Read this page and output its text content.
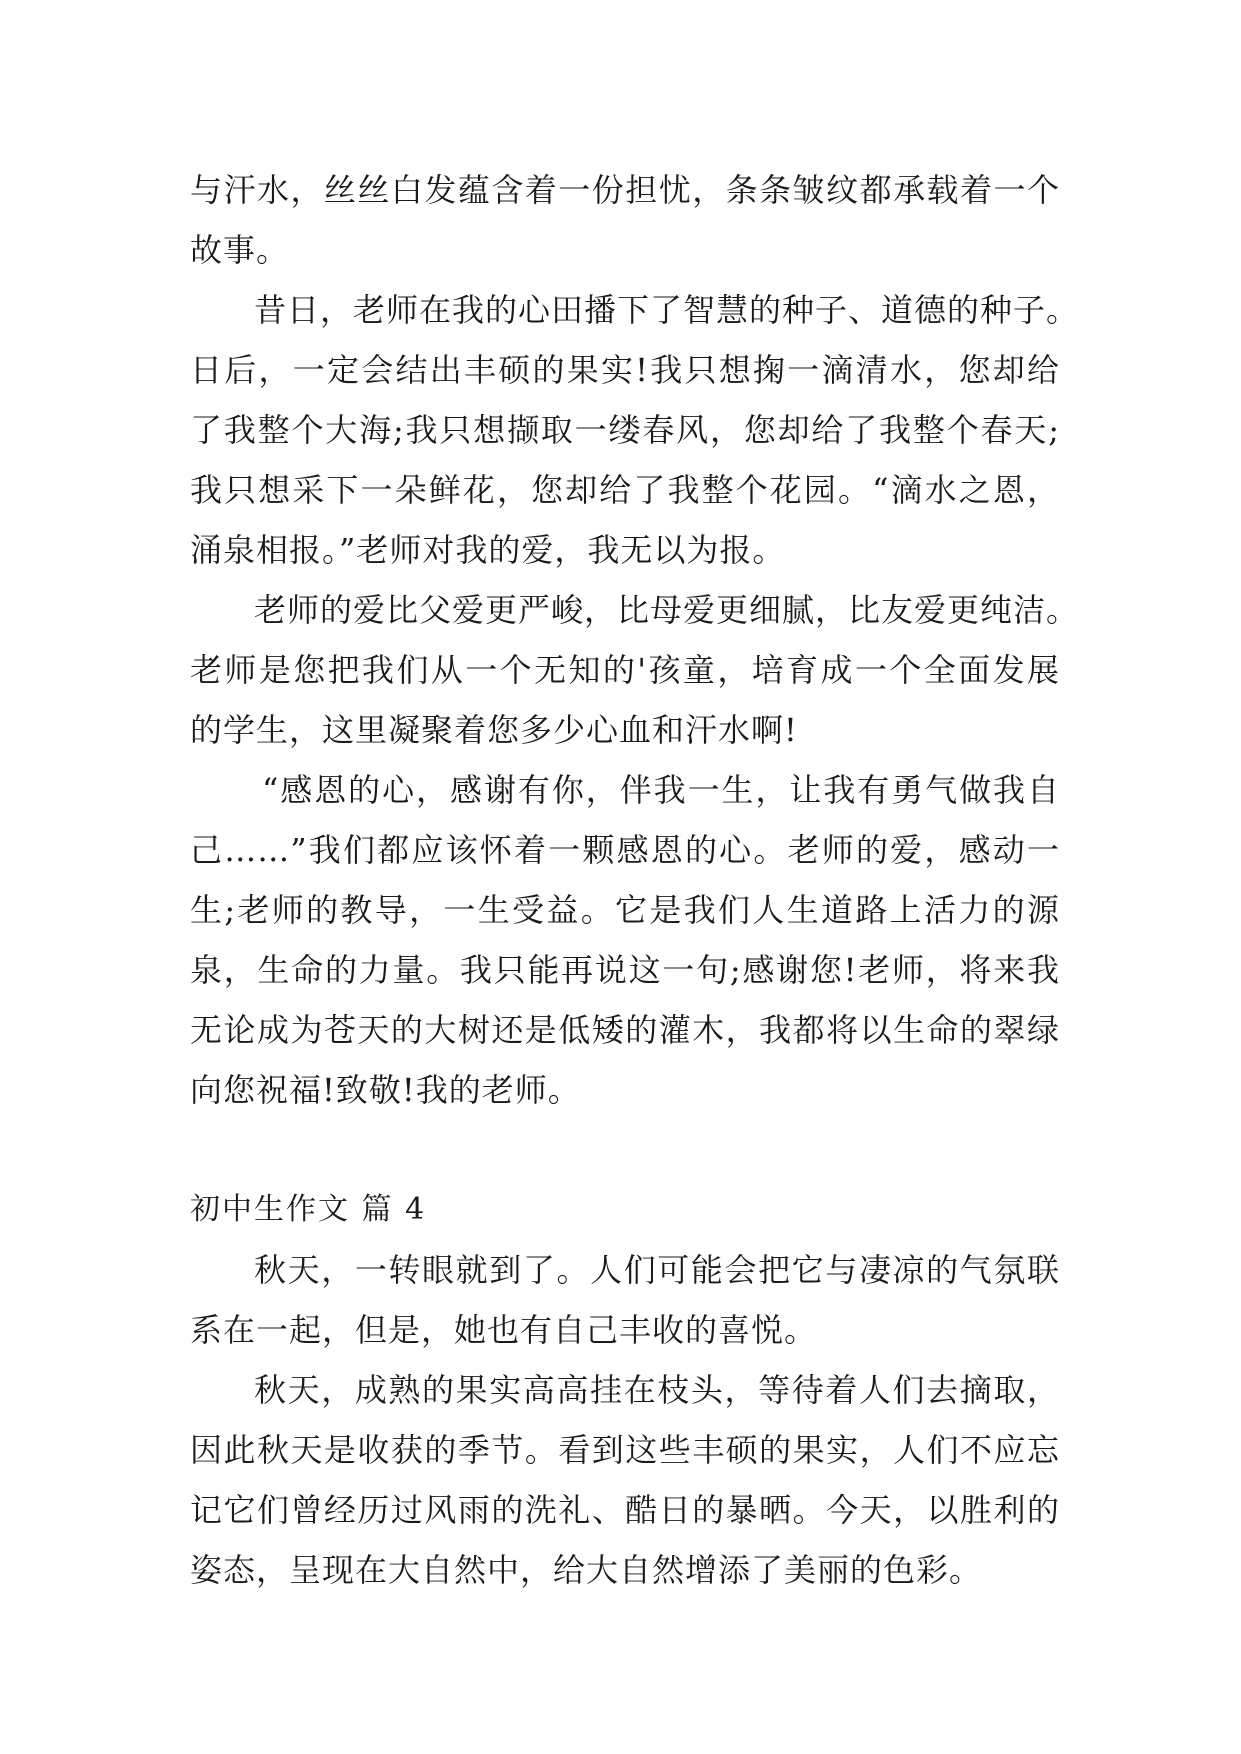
与汗水，丝丝白发蕴含着一份担忧，条条皱纹都承载着一个
故事。
昔日，老师在我的心田播下了智慧的种子、道德的种子。
日后，一定会结出丰硕的果实!我只想掬一滴清水，您却给
了我整个大海;我只想撷取一缕春风，您却给了我整个春天;
我只想采下一朵鲜花，您却给了我整个花园。“滴水之恩，
涌泉相报。”老师对我的爱，我无以为报。
老师的爱比父爱更严峻，比母爱更细腻，比友爱更纯洁。
老师是您把我们从一个无知的'孩童，培育成一个全面发展
的学生，这里凝聚着您多少心血和汗水啊!
“感恩的心，感谢有你，伴我一生，让我有勇气做我自
己……”我们都应该怀着一颗感恩的心。老师的爱，感动一
生;老师的教导，一生受益。它是我们人生道路上活力的源
泉，生命的力量。我只能再说这一句;感谢您!老师，将来我
无论成为苍天的大树还是低矮的灌木，我都将以生命的翠绿
向您祝福!致敬!我的老师。
初中生作文 篇 4
秋天，一转眼就到了。人们可能会把它与凄凉的气氛联
系在一起，但是，她也有自己丰收的喜悦。
秋天，成熟的果实高高挂在枝头，等待着人们去摘取，
因此秋天是收获的季节。看到这些丰硕的果实，人们不应忘
记它们曾经历过风雨的洗礼、酷日的暴晒。今天，以胜利的
姿态，呈现在大自然中，给大自然增添了美丽的色彩。
